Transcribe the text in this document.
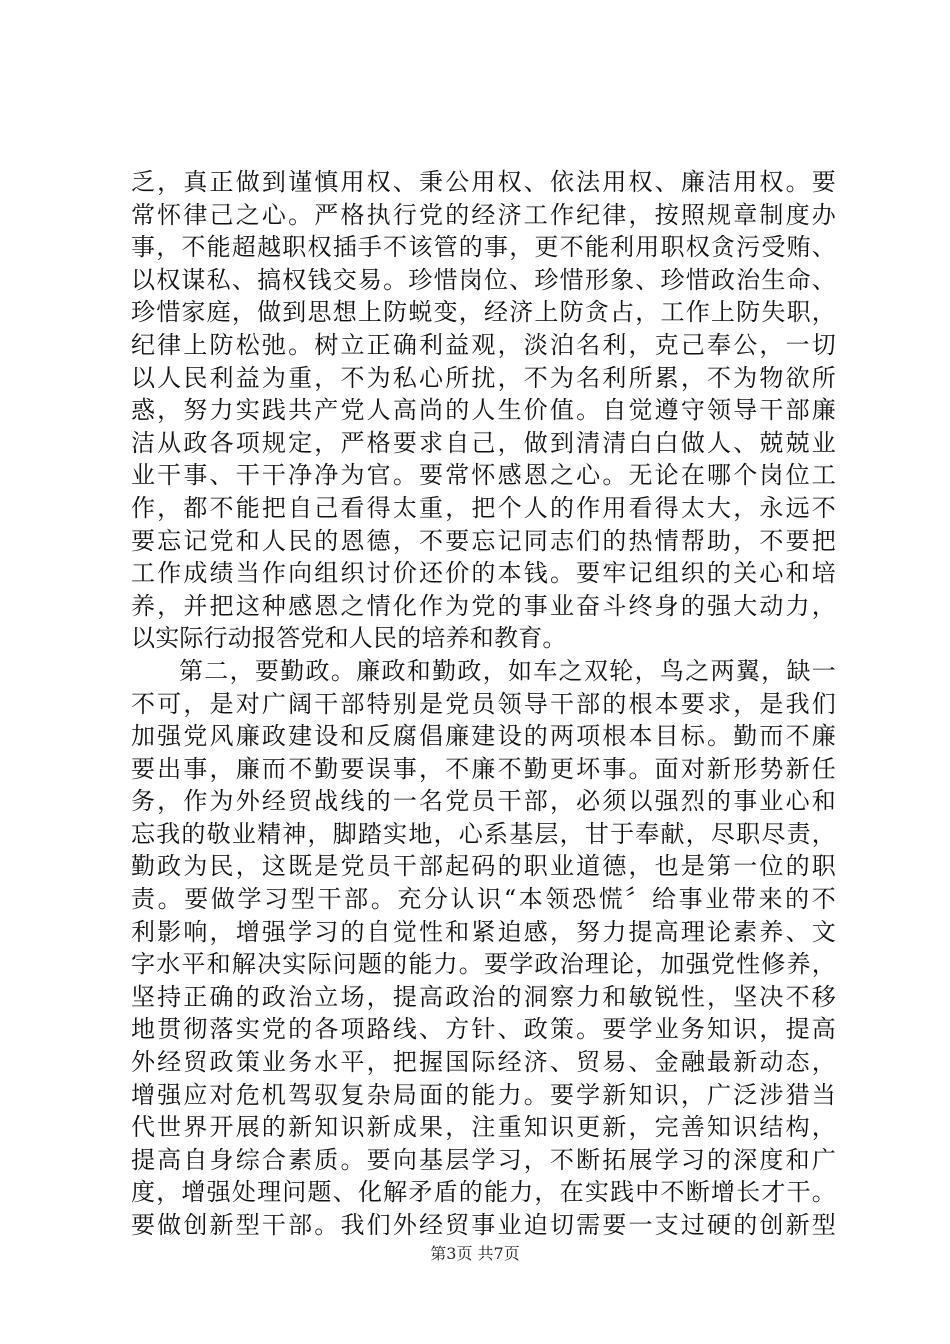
乏，真正做到谨慎用权、秉公用权、依法用权、廉洁用权。要
常怀律己之心。严格执行党的经济工作纪律，按照规章制度办
事，不能超越职权插手不该管的事，更不能利用职权贪污受贿、
以权谋私、搞权钱交易。珍惜岗位、珍惜形象、珍惜政治生命、
珍惜家庭，做到思想上防蜕变，经济上防贪占，工作上防失职，
纪律上防松弛。树立正确利益观，淡泊名利，克己奉公，一切
以人民利益为重，不为私心所扰，不为名利所累，不为物欲所
惑，努力实践共产党人高尚的人生价值。自觉遵守领导干部廉
洁从政各项规定，严格要求自己，做到清清白白做人、兢兢业
业干事、干干净净为官。要常怀感恩之心。无论在哪个岗位工
作，都不能把自己看得太重，把个人的作用看得太大，永远不
要忘记党和人民的恩德，不要忘记同志们的热情帮助，不要把
工作成绩当作向组织讨价还价的本钱。要牢记组织的关心和培
养，并把这种感恩之情化作为党的事业奋斗终身的强大动力，
以实际行动报答党和人民的培养和教育。
第二，要勤政。廉政和勤政，如车之双轮，鸟之两翼，缺一
不可，是对广阔干部特别是党员领导干部的根本要求，是我们
加强党风廉政建设和反腐倡廉建设的两项根本目标。勤而不廉
要出事，廉而不勤要误事，不廉不勤更坏事。面对新形势新任
务，作为外经贸战线的一名党员干部，必须以强烈的事业心和
忘我的敬业精神，脚踏实地，心系基层，甘于奉献，尽职尽责，
勤政为民，这既是党员干部起码的职业道德，也是第一位的职
责。要做学习型干部。充分认识“本领恐慌〞给事业带来的不
利影响，增强学习的自觉性和紧迫感，努力提高理论素养、文
字水平和解决实际问题的能力。要学政治理论，加强党性修养，
坚持正确的政治立场，提高政治的洞察力和敏锐性，坚决不移
地贯彻落实党的各项路线、方针、政策。要学业务知识，提高
外经贸政策业务水平，把握国际经济、贸易、金融最新动态，
增强应对危机驾驭复杂局面的能力。要学新知识，广泛涉猎当
代世界开展的新知识新成果，注重知识更新，完善知识结构，
提高自身综合素质。要向基层学习，不断拓展学习的深度和广
度，增强处理问题、化解矛盾的能力，在实践中不断增长才干。
要做创新型干部。我们外经贸事业迫切需要一支过硬的创新型
第3页 共7页
